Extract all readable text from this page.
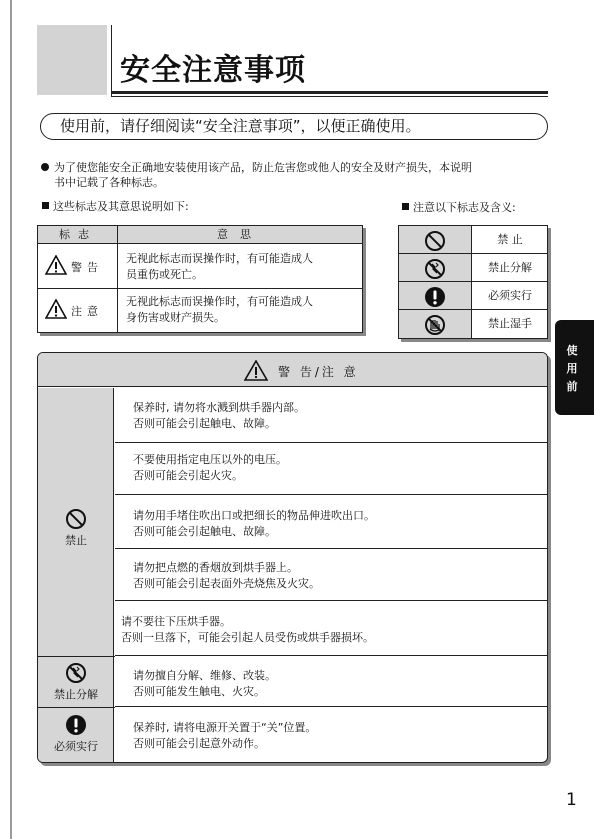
安全注意事项
使用前，请仔细阅读“安全注意事项”，以便正确使用。
为了使您能安全正确地安装使用该产品，防止危害您或他人的安全及财产损失，本说明
书中记载了各种标志。
这些标志及其意思说明如下:	注意以下标志及含义:
标志	意思
警告
无视此标志而误操作时，有可能造成人
员重伤或死亡。
注意
无视此标志而误操作时，有可能造成人
身伤害或财产损失。
禁 止
禁止分解
必须实行
禁止湿手
使
用
前
警 告/注 意
保养时, 请勿将水溅到烘手器内部。
否则可能会引起触电、故障。
不要使用指定电压以外的电压。
否则可能会引起火灾。
请勿用手堵住吹出口或把细长的物品伸进吹出口。
否则可能会引起触电、故障。
请勿把点燃的香烟放到烘手器上。
否则可能会引起表面外壳烧焦及火灾。
请不要往下压烘手器。
否则一旦落下，可能会引起人员受伤或烘手器损坏。
请勿擅自分解、维修、改装。
否则可能发生触电、火灾。
保养时, 请将电源开关置于“关”位置。
否则可能会引起意外动作。
禁止
禁止分解
必须实行
1
